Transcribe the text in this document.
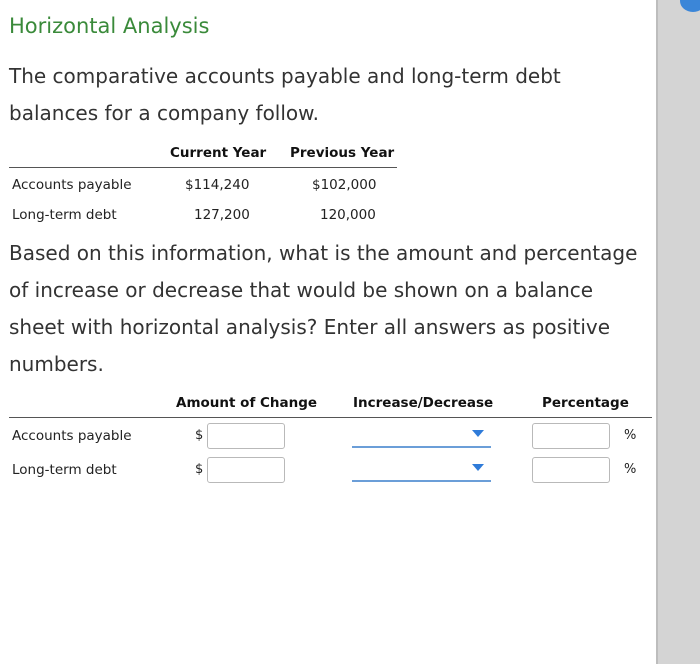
Horizontal Analysis
The comparative accounts payable and long-term debt balances for a company follow.
Current Year Previous Year
Accounts payable	$114,240	$102,000
Long-term debt	127,200	120,000
Based on this information, what is the amount and percentage of increase or decrease that would be shown on a balance sheet with horizontal analysis? Enter all answers as positive numbers.
Amount of Change	Increase/Decrease	Percentage
Accounts payable	$	%
Long-term debt	$	%
